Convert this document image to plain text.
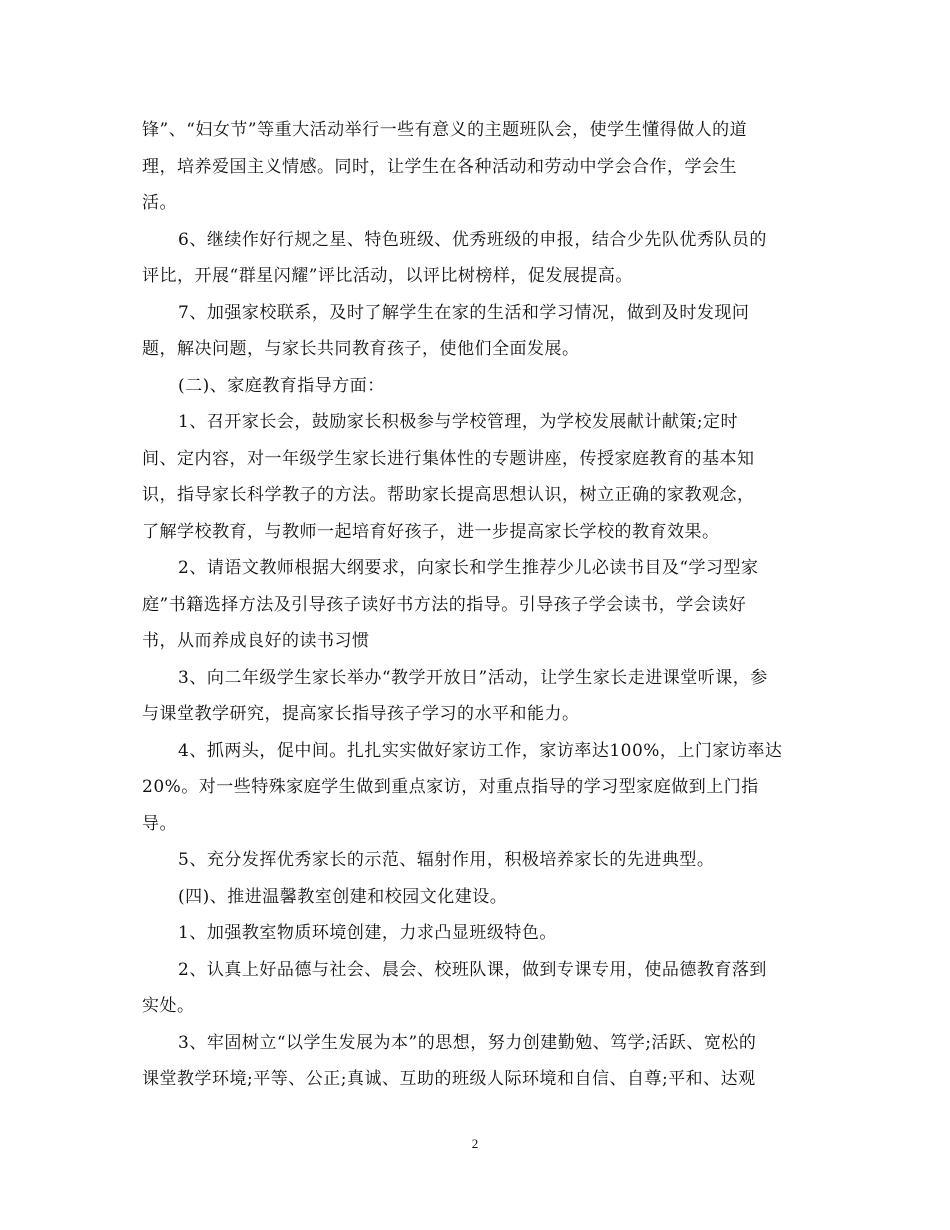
锋”、“妇女节”等重大活动举行一些有意义的主题班队会，使学生懂得做人的道
理，培养爱国主义情感。同时，让学生在各种活动和劳动中学会合作，学会生
活。
6、继续作好行规之星、特色班级、优秀班级的申报，结合少先队优秀队员的
评比，开展“群星闪耀”评比活动，以评比树榜样，促发展提高。
7、加强家校联系，及时了解学生在家的生活和学习情况，做到及时发现问
题，解决问题，与家长共同教育孩子，使他们全面发展。
(二)、家庭教育指导方面：
1、召开家长会，鼓励家长积极参与学校管理，为学校发展献计献策;定时
间、定内容，对一年级学生家长进行集体性的专题讲座，传授家庭教育的基本知
识，指导家长科学教子的方法。帮助家长提高思想认识，树立正确的家教观念，
了解学校教育，与教师一起培育好孩子，进一步提高家长学校的教育效果。
2、请语文教师根据大纲要求，向家长和学生推荐少儿必读书目及“学习型家
庭”书籍选择方法及引导孩子读好书方法的指导。引导孩子学会读书，学会读好
书，从而养成良好的读书习惯
3、向二年级学生家长举办“教学开放日”活动，让学生家长走进课堂听课，参
与课堂教学研究，提高家长指导孩子学习的水平和能力。
4、抓两头，促中间。扎扎实实做好家访工作，家访率达100%，上门家访率达
20%。对一些特殊家庭学生做到重点家访，对重点指导的学习型家庭做到上门指
导。
5、充分发挥优秀家长的示范、辐射作用，积极培养家长的先进典型。
(四)、推进温馨教室创建和校园文化建设。
1、加强教室物质环境创建，力求凸显班级特色。
2、认真上好品德与社会、晨会、校班队课，做到专课专用，使品德教育落到
实处。
3、牢固树立“以学生发展为本”的思想，努力创建勤勉、笃学;活跃、宽松的
课堂教学环境;平等、公正;真诚、互助的班级人际环境和自信、自尊;平和、达观
2
